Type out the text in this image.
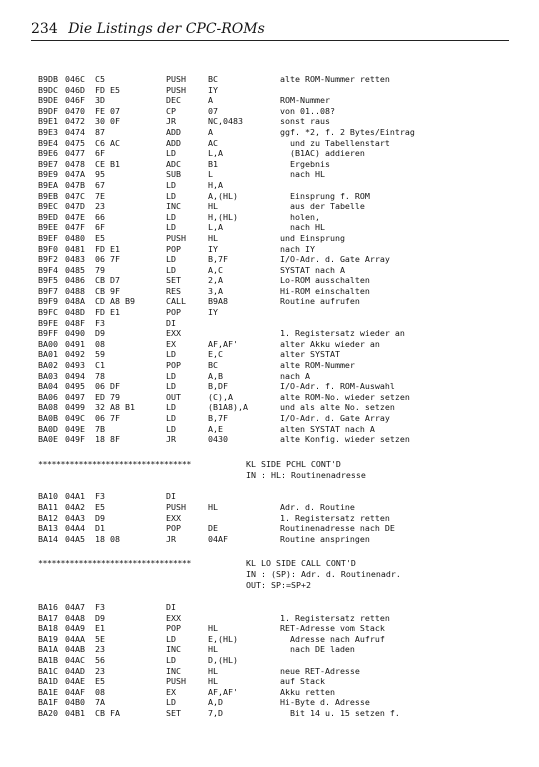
234 Die Listings der CPC-ROMs
B9DB 046C C5	PUSH	BC	alte ROM-Nummer retten
B9DC 046D FD E5	PUSH	IY
B9DE 046F 3D	DEC	A	ROM-Nummer
B9DF 0470 FE 07	CP	07	von 01..08?
B9E1 0472 30 0F	JR	NC,0483	sonst raus
B9E3 0474 87	ADD	A	ggf. *2, f. 2 Bytes/Eintrag
B9E4 0475 C6 AC	ADD	AC	und zu Tabellenstart
B9E6 0477 6F	LD	L,A	(B1AC) addieren
B9E7 0478 CE B1	ADC	B1	Ergebnis
B9E9 047A 95	SUB	L	nach HL
B9EA 047B 67	LD	H,A
B9EB 047C 7E	LD	A,(HL)	Einsprung f. ROM
B9EC 047D 23	INC	HL	aus der Tabelle
B9ED 047E 66	LD	H,(HL)	holen,
B9EE 047F 6F	LD	L,A	nach HL
B9EF 0480 E5	PUSH	HL	und Einsprung
B9F0 0481 FD E1	POP	IY	nach IY
B9F2 0483 06 7F	LD	B,7F	I/O-Adr. d. Gate Array
B9F4 0485 79	LD	A,C	SYSTAT nach A
B9F5 0486 CB D7	SET	2,A	Lo-ROM ausschalten
B9F7 0488 CB 9F	RES	3,A	Hi-ROM einschalten
B9F9 048A CD A8 B9	CALL	B9A8	Routine aufrufen
B9FC 048D FD E1	POP	IY
B9FE 048F F3	DI
B9FF 0490 D9	EXX	1. Registersatz wieder an
BA00 0491 08	EX	AF,AF'	alter Akku wieder an
BA01 0492 59	LD	E,C	alter SYSTAT
BA02 0493 C1	POP	BC	alte ROM-Nummer
BA03 0494 78	LD	A,B	nach A
BA04 0495 06 DF	LD	B,DF	I/O-Adr. f. ROM-Auswahl
BA06 0497 ED 79	OUT	(C),A	alte ROM-No. wieder setzen
BA08 0499 32 A8 B1	LD	(B1A8),A	und als alte No. setzen
BA0B 049C 06 7F	LD	B,7F	I/O-Adr. d. Gate Array
BA0D 049E 7B	LD	A,E	alten SYSTAT nach A
BA0E 049F 18 8F	JR	0430	alte Konfig. wieder setzen
**********************************	KL SIDE PCHL CONT'D
IN : HL: Routinenadresse
BA10 04A1 F3	DI
BA11 04A2 E5	PUSH	HL	Adr. d. Routine
BA12 04A3 D9	EXX	1. Registersatz retten
BA13 04A4 D1	POP	DE	Routinenadresse nach DE
BA14 04A5 18 08	JR	04AF	Routine anspringen
**********************************	KL LO SIDE CALL CONT'D
IN : (SP): Adr. d. Routinenadr.
OUT: SP:=SP+2
BA16 04A7 F3	DI
BA17 04A8 D9	EXX	1. Registersatz retten
BA18 04A9 E1	POP	HL	RET-Adresse vom Stack
BA19 04AA 5E	LD	E,(HL)	Adresse nach Aufruf
BA1A 04AB 23	INC	HL	nach DE laden
BA1B 04AC 56	LD	D,(HL)
BA1C 04AD 23	INC	HL	neue RET-Adresse
BA1D 04AE E5	PUSH	HL	auf Stack
BA1E 04AF 08	EX	AF,AF'	Akku retten
BA1F 04B0 7A	LD	A,D	Hi-Byte d. Adresse
BA20 04B1 CB FA	SET	7,D	Bit 14 u. 15 setzen f.
